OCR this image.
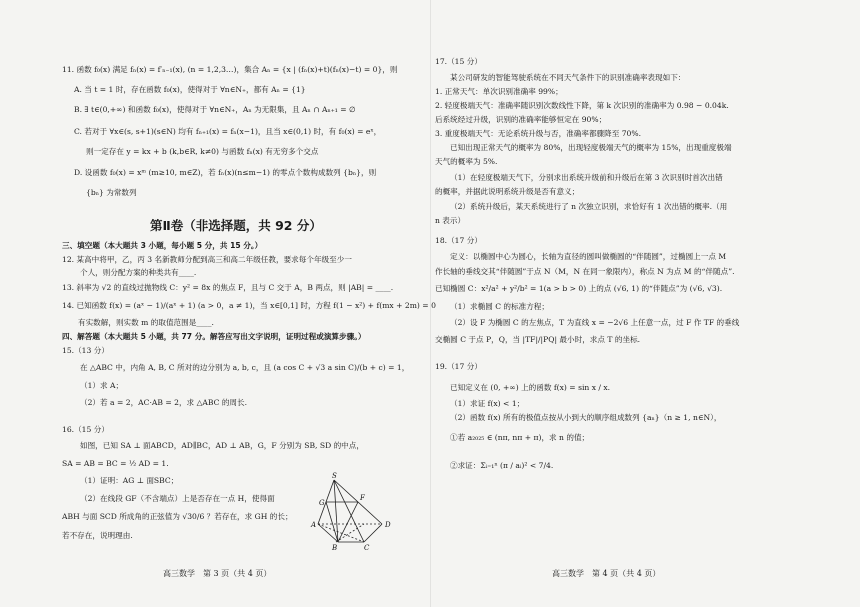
11. 函数 f₀(x) 满足 fₙ(x) = f′ₙ₋₁(x), (n = 1,2,3…)，集合 Aₙ = {x | (fₙ(x)+t)(fₙ(x)−t) = 0}，则
A. 当 t = 1 时，存在函数 f₀(x)，使得对于 ∀n∈N₊，都有 Aₙ = {1}
B. ∃ t∈(0,+∞) 和函数 f₀(x)，使得对于 ∀n∈N₊，Aₙ 为无限集，且 Aₙ ∩ Aₙ₊₁ = ∅
C. 若对于 ∀x∈(s, s+1)(s∈N) 均有 fₙ₊₁(x) = fₙ(x−1)，且当 x∈(0,1) 时，有 f₀(x) = eˣ，
则一定存在 y = kx + b (k,b∈R, k≠0) 与函数 fₙ(x) 有无穷多个交点
D. 设函数 f₀(x) = xᵐ (m≥10, m∈Z)，若 fₙ(x)(n≤m−1) 的零点个数构成数列 {bₙ}，则
{bₙ} 为常数列
第Ⅱ卷（非选择题，共 92 分）
三、填空题（本大题共 3 小题，每小题 5 分，共 15 分。）
12. 某高中将甲，乙，丙 3 名新教师分配到高三和高二年级任教，要求每个年级至少一
个人，则分配方案的种类共有____.
13. 斜率为 √2 的直线过抛物线 C：y² = 8x 的焦点 F，且与 C 交于 A，B 两点，则 |AB| = ____.
14. 已知函数 f(x) = (aˣ − 1)/(aˣ + 1) (a > 0，a ≠ 1)，当 x∈[0,1] 时，方程 f(1 − x²) + f(mx + 2m) = 0
有实数解，则实数 m 的取值范围是____.
四、解答题（本大题共 5 小题，共 77 分。解答应写出文字说明，证明过程或演算步骤。）
15.（13 分）
在 △ABC 中，内角 A, B, C 所对的边分别为 a, b, c，且 (a cos C + √3 a sin C)/(b + c) = 1，
（1）求 A；
（2）若 a = 2，AC·AB = 2，求 △ABC 的周长.
16.（15 分）
如图，已知 SA ⊥ 面ABCD，AD∥BC，AD ⊥ AB，G，F 分别为 SB, SD 的中点，
SA = AB = BC = ½ AD = 1.
（1）证明：AG ⊥ 面SBC；
（2）在线段 GF（不含端点）上是否存在一点 H，使得面
ABH 与面 SCD 所成角的正弦值为 √30/6 ？若存在，求 GH 的长；
若不存在，说明理由.
S
A
B	C
D
G
F
高三数学　第 3 页（共 4 页）
17.（15 分）
某公司研发的智能驾驶系统在不同天气条件下的识别准确率表现如下：
1. 正常天气：单次识别准确率 99%；
2. 轻度极端天气：准确率随识别次数线性下降，第 k 次识别的准确率为 0.98 − 0.04k.
后系统经过升级，识别的准确率能够恒定在 90%；
3. 重度极端天气：无论系统升级与否，准确率都骤降至 70%.
已知出现正常天气的概率为 80%，出现轻度极端天气的概率为 15%，出现重度极端
天气的概率为 5%.
（1）在轻度极端天气下，分别求出系统升级前和升级后在第 3 次识别时首次出错
的概率，并据此说明系统升级是否有意义；
（2）系统升级后，某天系统进行了 n 次独立识别，求恰好有 1 次出错的概率.（用
n 表示）
18.（17 分）
定义：以椭圆中心为圆心，长轴为直径的圆叫做椭圆的“伴随圆”，过椭圆上一点 M
作长轴的垂线交其“伴随圆”于点 N（M，N 在同一象限内），称点 N 为点 M 的“伴随点”.
已知椭圆 C：x²/a² + y²/b² = 1(a > b > 0) 上的点 (√6, 1) 的“伴随点”为 (√6, √3).
（1）求椭圆 C 的标准方程；
（2）设 F 为椭圆 C 的左焦点，T 为直线 x = −2√6 上任意一点，过 F 作 TF 的垂线
交椭圆 C 于点 P，Q，当 |TF|/|PQ| 最小时，求点 T 的坐标.
19.（17 分）
已知定义在 (0, +∞) 上的函数 f(x) = sin x / x.
（1）求证 f(x) < 1；
（2）函数 f(x) 所有的极值点按从小到大的顺序组成数列 {aₙ}（n ≥ 1, n∈N），
①若 a₂₀₂₅ ∈ (nπ, nπ + π)，求 n 的值；
②求证：Σᵢ₌₁ⁿ (π / aᵢ)² < 7/4.
高三数学　第 4 页（共 4 页）
